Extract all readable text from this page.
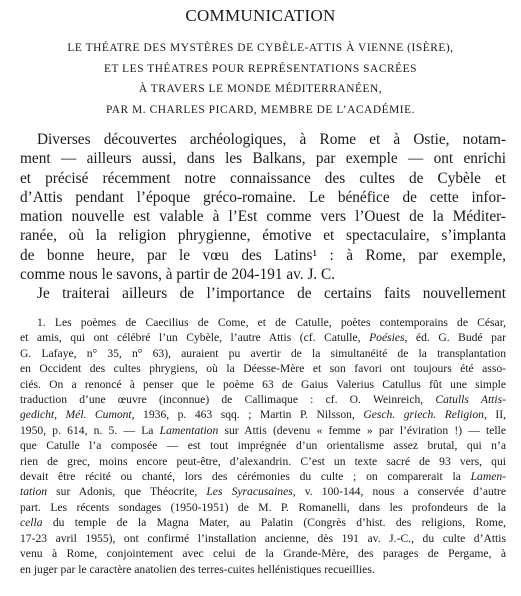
COMMUNICATION
LE THÉATRE DES MYSTÈRES DE CYBÈLE-ATTIS À VIENNE (ISÈRE),
ET LES THÉATRES POUR REPRÉSENTATIONS SACRÉES
À TRAVERS LE MONDE MÉDITERRANÉEN,
PAR M. CHARLES PICARD, MEMBRE DE L’ACADÉMIE.
Diverses découvertes archéologiques, à Rome et à Ostie, notam-
ment — ailleurs aussi, dans les Balkans, par exemple — ont enrichi
et précisé récemment notre connaissance des cultes de Cybèle et
d’Attis pendant l’époque gréco-romaine. Le bénéfice de cette infor-
mation nouvelle est valable à l’Est comme vers l’Ouest de la Méditer-
ranée, où la religion phrygienne, émotive et spectaculaire, s’implanta
de bonne heure, par le vœu des Latins¹ : à Rome, par exemple,
comme nous le savons, à partir de 204-191 av. J. C.
Je traiterai ailleurs de l’importance de certains faits nouvellement
1. Les poèmes de Caecilius de Come, et de Catulle, poètes contemporains de César,
et amis, qui ont célébré l’un Cybèle, l’autre Attis (cf. Catulle, Poésies, éd. G. Budé par
G. Lafaye, n° 35, n° 63), auraient pu avertir de la simultanéité de la transplantation
en Occident des cultes phrygiens, où la Déesse-Mère et son favori ont toujours été asso-
ciés. On a renoncé à penser que le poème 63 de Gaius Valerius Catullus fût une simple
traduction d’une œuvre (inconnue) de Callimaque : cf. O. Weinreich, Catulls Attis-
gedicht, Mél. Cumont, 1936, p. 463 sqq. ; Martin P. Nilsson, Gesch. griech. Religion, II,
1950, p. 614, n. 5. — La Lamentation sur Attis (devenu « femme » par l’éviration !) — telle
que Catulle l’a composée — est tout imprégnée d’un orientalisme assez brutal, qui n’a
rien de grec, moins encore peut-être, d’alexandrin. C’est un texte sacré de 93 vers, qui
devait être récité ou chanté, lors des cérémonies du culte ; on comparerait la Lamen-
tation sur Adonis, que Théocrite, Les Syracusaines, v. 100-144, nous a conservée d’autre
part. Les récents sondages (1950-1951) de M. P. Romanelli, dans les profondeurs de la
cella du temple de la Magna Mater, au Palatin (Congrès d’hist. des religions, Rome,
17-23 avril 1955), ont confirmé l’installation ancienne, dès 191 av. J.-C., du culte d’Attis
venu à Rome, conjointement avec celui de la Grande-Mère, des parages de Pergame, à
en juger par le caractère anatolien des terres-cuites hellénistiques recueillies.
